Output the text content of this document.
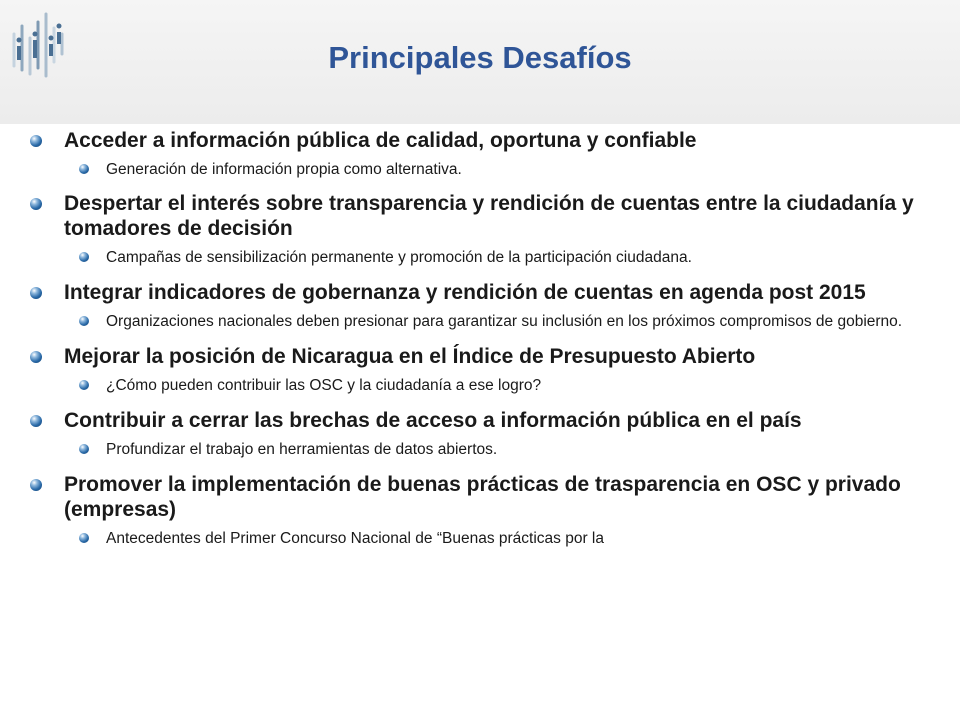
Principales Desafíos
Acceder a información pública de calidad, oportuna y confiable
Generación de información propia como alternativa.
Despertar el interés sobre transparencia y rendición de cuentas entre la ciudadanía y tomadores de decisión
Campañas de sensibilización permanente y promoción de la participación ciudadana.
Integrar indicadores de gobernanza y rendición de cuentas en agenda post 2015
Organizaciones nacionales deben presionar para garantizar su inclusión en los próximos compromisos de gobierno.
Mejorar la posición de Nicaragua en el Índice de Presupuesto Abierto
¿Cómo pueden contribuir las OSC y la ciudadanía a ese logro?
Contribuir a cerrar las brechas de acceso a información pública en el país
Profundizar el trabajo en herramientas de datos abiertos.
Promover la implementación de buenas prácticas de trasparencia en OSC y privado (empresas)
Antecedentes del Primer Concurso Nacional de “Buenas prácticas por la
